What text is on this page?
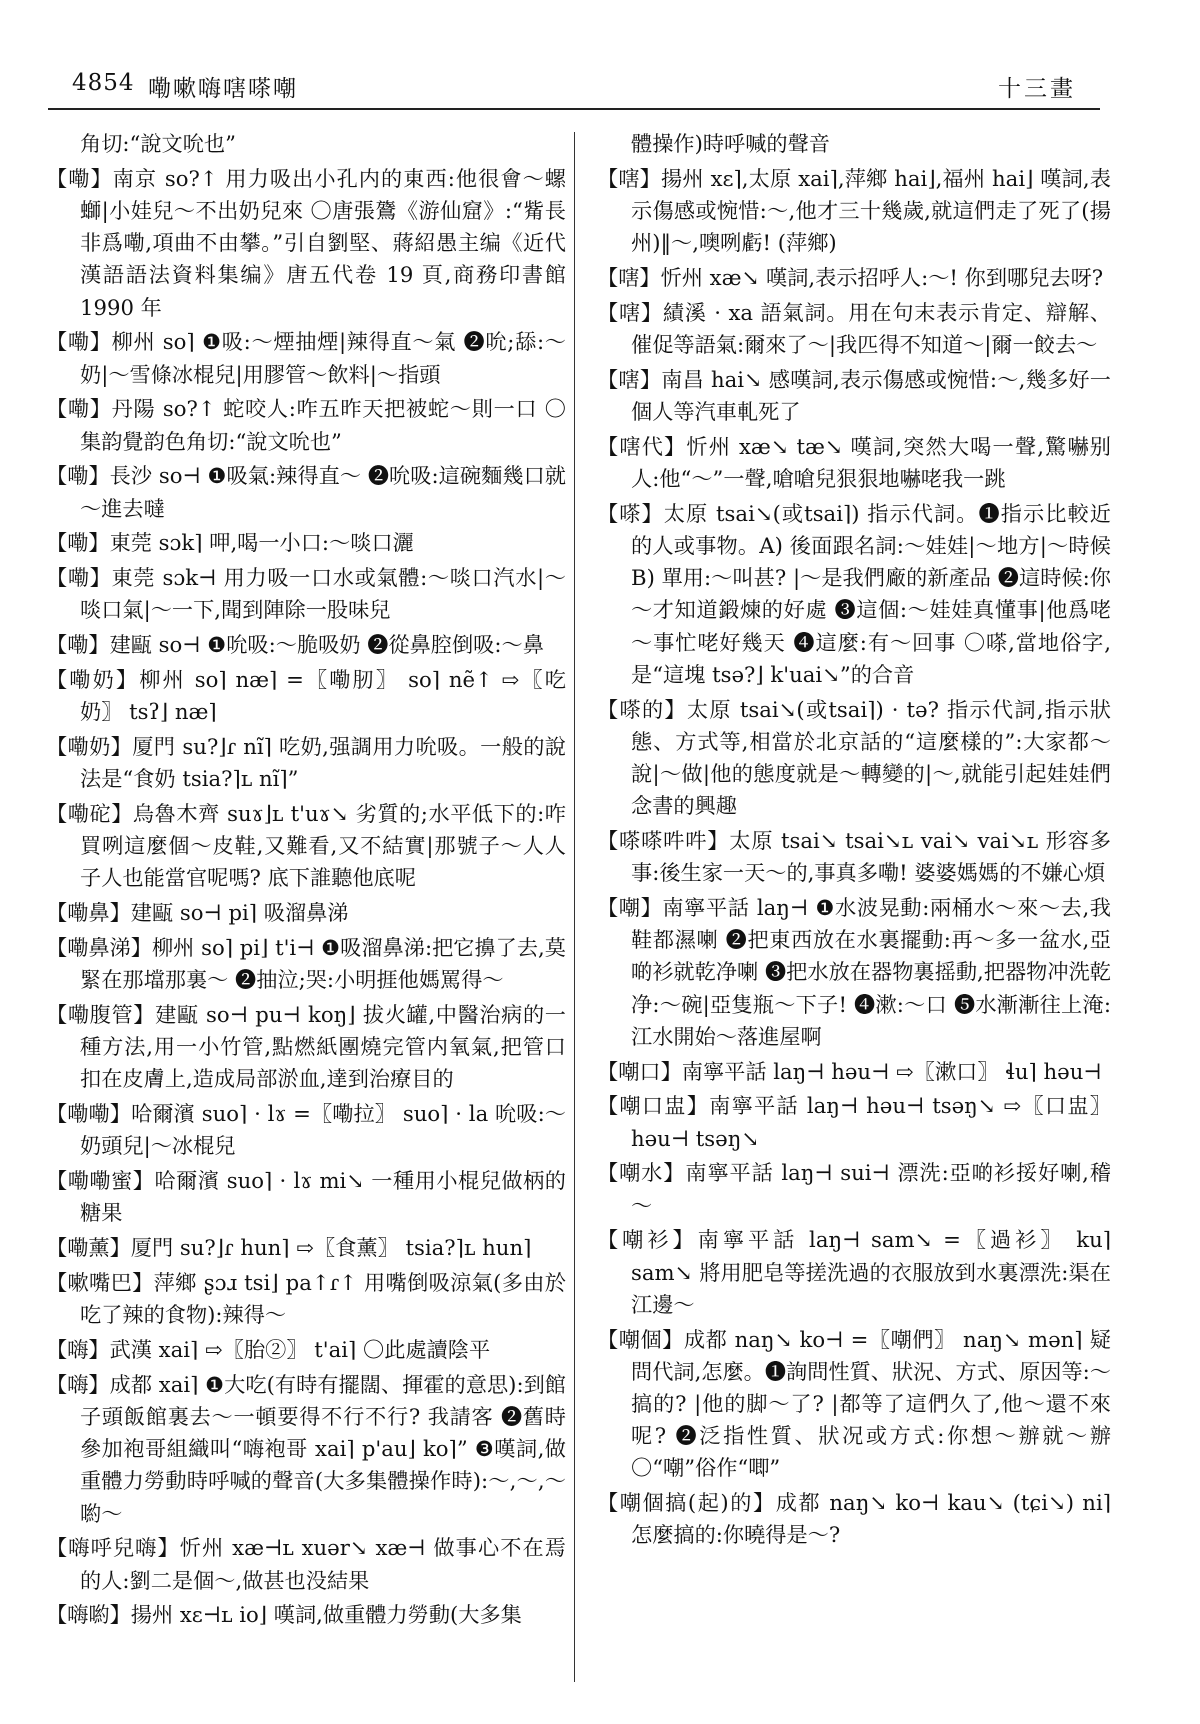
4854 嘞嗽嗨嗐嗏嘲	十三畫

角切:“說文吮也”

【嘞】南京 so?↑ 用力吸出小孔内的東西:他很會～螺螄|小娃兒～不出奶兒來 〇唐張鷟《游仙窟》:“觜長非爲嘞,項曲不由攀。”引自劉堅、蔣紹愚主编《近代漢語語法資料集编》唐五代卷 19 頁,商務印書館 1990 年

【嘞】柳州 so⌉ ❶吸:～煙抽煙|辣得直～氣 ❷吮;舔:～奶|～雪條冰棍兒|用膠管～飲料|～指頭

【嘞】丹陽 so?↑ 蛇咬人:咋五昨天把被蛇～則一口 〇集韵覺韵色角切:“說文吮也”

【嘞】長沙 so⊣ ❶吸氣:辣得直～ ❷吮吸:這碗麵幾口就～進去噠

【嘞】東莞 sɔk⌉ 呷,喝一小口:～啖口灑

【嘞】東莞 sɔk⊣ 用力吸一口水或氣體:～啖口汽水|～啖口氣|～一下,聞到陣除一股味兒

【嘞】建甌 so⊣ ❶吮吸:～脆吸奶 ❷從鼻腔倒吸:～鼻

【嘞奶】柳州 so⌉ næ⌉ =〖嘞肕〗 so⌉ nẽ↑ ⇨〖吃奶〗 tsʔ⌋ næ⌉

【嘞奶】厦門 su?⌋ɾ nĩ⌉ 吃奶,强調用力吮吸。一般的說法是“食奶 tsia?⌉ʟ nĩ⌉”

【嘞砣】烏魯木齊 suɤ⌋ʟ t'uɤ↘ 劣質的;水平低下的:咋買咧這麼個～皮鞋,又難看,又不結實|那號子～人人子人也能當官呢嗎? 底下誰聽他底呢

【嘞鼻】建甌 so⊣ pi⌉ 吸溜鼻涕

【嘞鼻涕】柳州 so⌉ pi⌋ t'i⊣ ❶吸溜鼻涕:把它擤了去,莫緊在那壋那裏～ ❷抽泣;哭:小明捱他媽罵得～

【嘞腹管】建甌 so⊣ pu⊣ koŋ⌋ 拔火罐,中醫治病的一種方法,用一小竹管,點燃紙團燒完管内氧氣,把管口扣在皮膚上,造成局部淤血,達到治療目的

【嘞嘞】哈爾濱 suo⌉ · lɤ =〖嘞拉〗 suo⌉ · la 吮吸:～奶頭兒|～冰棍兒

【嘞嘞蜜】哈爾濱 suo⌉ · lɤ mi↘ 一種用小棍兒做柄的糖果

【嘞薰】厦門 su?⌋ɾ hun⌉ ⇨〖食薰〗 tsia?⌉ʟ hun⌉

【嗽嘴巴】萍鄉 ʂɔɹ tsi⌋ pa↑ɾ↑ 用嘴倒吸涼氣(多由於吃了辣的食物):辣得～

【嗨】武漢 xai⌉ ⇨〖胎②〗 t'ai⌉ 〇此處讀陰平

【嗨】成都 xai⌉ ❶大吃(有時有擺闊、揮霍的意思):到館子頭飯館裏去～一頓要得不行不行? 我請客 ❷舊時參加袍哥組織叫“嗨袍哥 xai⌉ p'au⌋ ko⌉” ❸嘆詞,做重體力勞動時呼喊的聲音(大多集體操作時):～,～,～喲～

【嗨呼兒嗨】忻州 xæ⊣ʟ xuər↘ xæ⊣ 做事心不在焉的人:劉二是個～,做甚也没結果

【嗨喲】揚州 xɛ⊣ʟ io⌋ 嘆詞,做重體力勞動(大多集

體操作)時呼喊的聲音

【嗐】揚州 xɛ⌉,太原 xai⌉,萍鄉 hai⌋,福州 hai⌋ 嘆詞,表示傷感或惋惜:～,他才三十幾歲,就這們走了死了(揚州)‖～,噢咧虧! (萍鄉)

【嗐】忻州 xæ↘ 嘆詞,表示招呼人:～! 你到哪兒去呀?

【嗐】績溪 · xa 語氣詞。用在句末表示肯定、辯解、催促等語氣:爾來了～|我匹得不知道～|爾一餃去～

【嗐】南昌 hai↘ 感嘆詞,表示傷感或惋惜:～,幾多好一個人等汽車軋死了

【嗐代】忻州 xæ↘ tæ↘ 嘆詞,突然大喝一聲,驚嚇别人:他“～”一聲,嗆嗆兒狠狠地嚇咾我一跳

【嗏】太原 tsai↘(或tsai⌉) 指示代詞。❶指示比較近的人或事物。A) 後面跟名詞:～娃娃|～地方|～時候 B) 單用:～叫甚? |～是我們廠的新產品 ❷這時候:你～才知道鍛煉的好處 ❸這個:～娃娃真懂事|他爲咾～事忙咾好幾天 ❹這麼:有～回事 〇嗏,當地俗字,是“這塊 tsə?⌋ k'uai↘”的合音

【嗏的】太原 tsai↘(或tsai⌉) · tə? 指示代詞,指示狀態、方式等,相當於北京話的“這麼樣的”:大家都～說|～做|他的態度就是～轉變的|～,就能引起娃娃們念書的興趣

【嗏嗏吽吽】太原 tsai↘ tsai↘ʟ vai↘ vai↘ʟ 形容多事:後生家一天～的,事真多嘞! 婆婆媽媽的不嫌心煩

【嘲】南寧平話 laŋ⊣ ❶水波晃動:兩桶水～來～去,我鞋都濕喇 ❷把東西放在水裏擺動:再～多一盆水,亞啲衫就乾净喇 ❸把水放在器物裏摇動,把器物冲洗乾净:～碗|亞隻瓶～下子! ❹漱:～口 ❺水漸漸往上淹:江水開始～落進屋啊

【嘲口】南寧平話 laŋ⊣ həu⊣ ⇨〖漱口〗 ɬu⌉ həu⊣

【嘲口盅】南寧平話 laŋ⊣ həu⊣ tsəŋ↘ ⇨〖口盅〗 həu⊣ tsəŋ↘

【嘲水】南寧平話 laŋ⊣ sui⊣ 漂洗:亞啲衫挼好喇,稽～

【嘲衫】南寧平話 laŋ⊣ sam↘ =〖過衫〗 ku⌉ sam↘ 將用肥皂等搓洗過的衣服放到水裏漂洗:渠在江邊～

【嘲個】成都 naŋ↘ ko⊣ =〖嘲們〗 naŋ↘ mən⌉ 疑問代詞,怎麼。❶詢問性質、狀況、方式、原因等:～搞的? |他的脚～了? |都等了這們久了,他～還不來呢? ❷泛指性質、狀况或方式:你想～辦就～辦 〇“嘲”俗作“唧”

【嘲個搞(起)的】成都 naŋ↘ ko⊣ kau↘ (tɕi↘) ni⌉ 怎麼搞的:你曉得是～?
